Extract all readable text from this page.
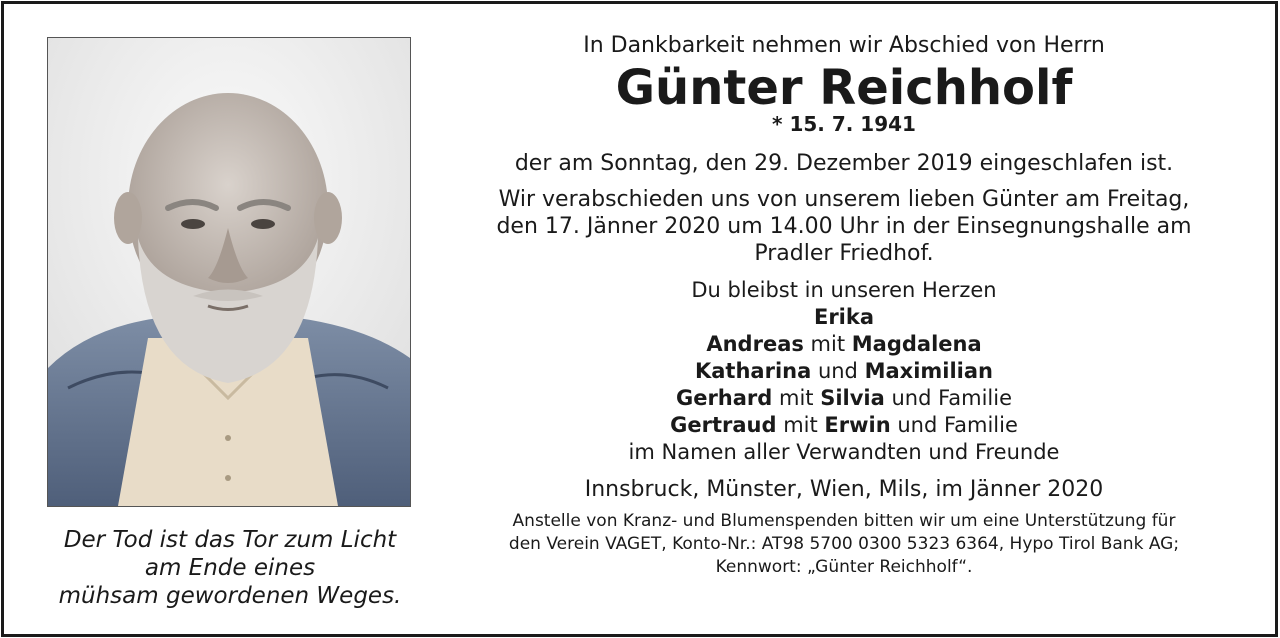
Der Tod ist das Tor zum Licht
am Ende eines
mühsam gewordenen Weges.
In Dankbarkeit nehmen wir Abschied von Herrn
Günter Reichholf
* 15. 7. 1941
der am Sonntag, den 29. Dezember 2019 eingeschlafen ist.
Wir verabschieden uns von unserem lieben Günter am Freitag,
den 17. Jänner 2020 um 14.00 Uhr in der Einsegnungshalle am
Pradler Friedhof.
Du bleibst in unseren Herzen
Erika
Andreas mit Magdalena
Katharina und Maximilian
Gerhard mit Silvia und Familie
Gertraud mit Erwin und Familie
im Namen aller Verwandten und Freunde
Innsbruck, Münster, Wien, Mils, im Jänner 2020
Anstelle von Kranz- und Blumenspenden bitten wir um eine Unterstützung für
den Verein VAGET, Konto-Nr.: AT98 5700 0300 5323 6364, Hypo Tirol Bank AG;
Kennwort: „Günter Reichholf“.
